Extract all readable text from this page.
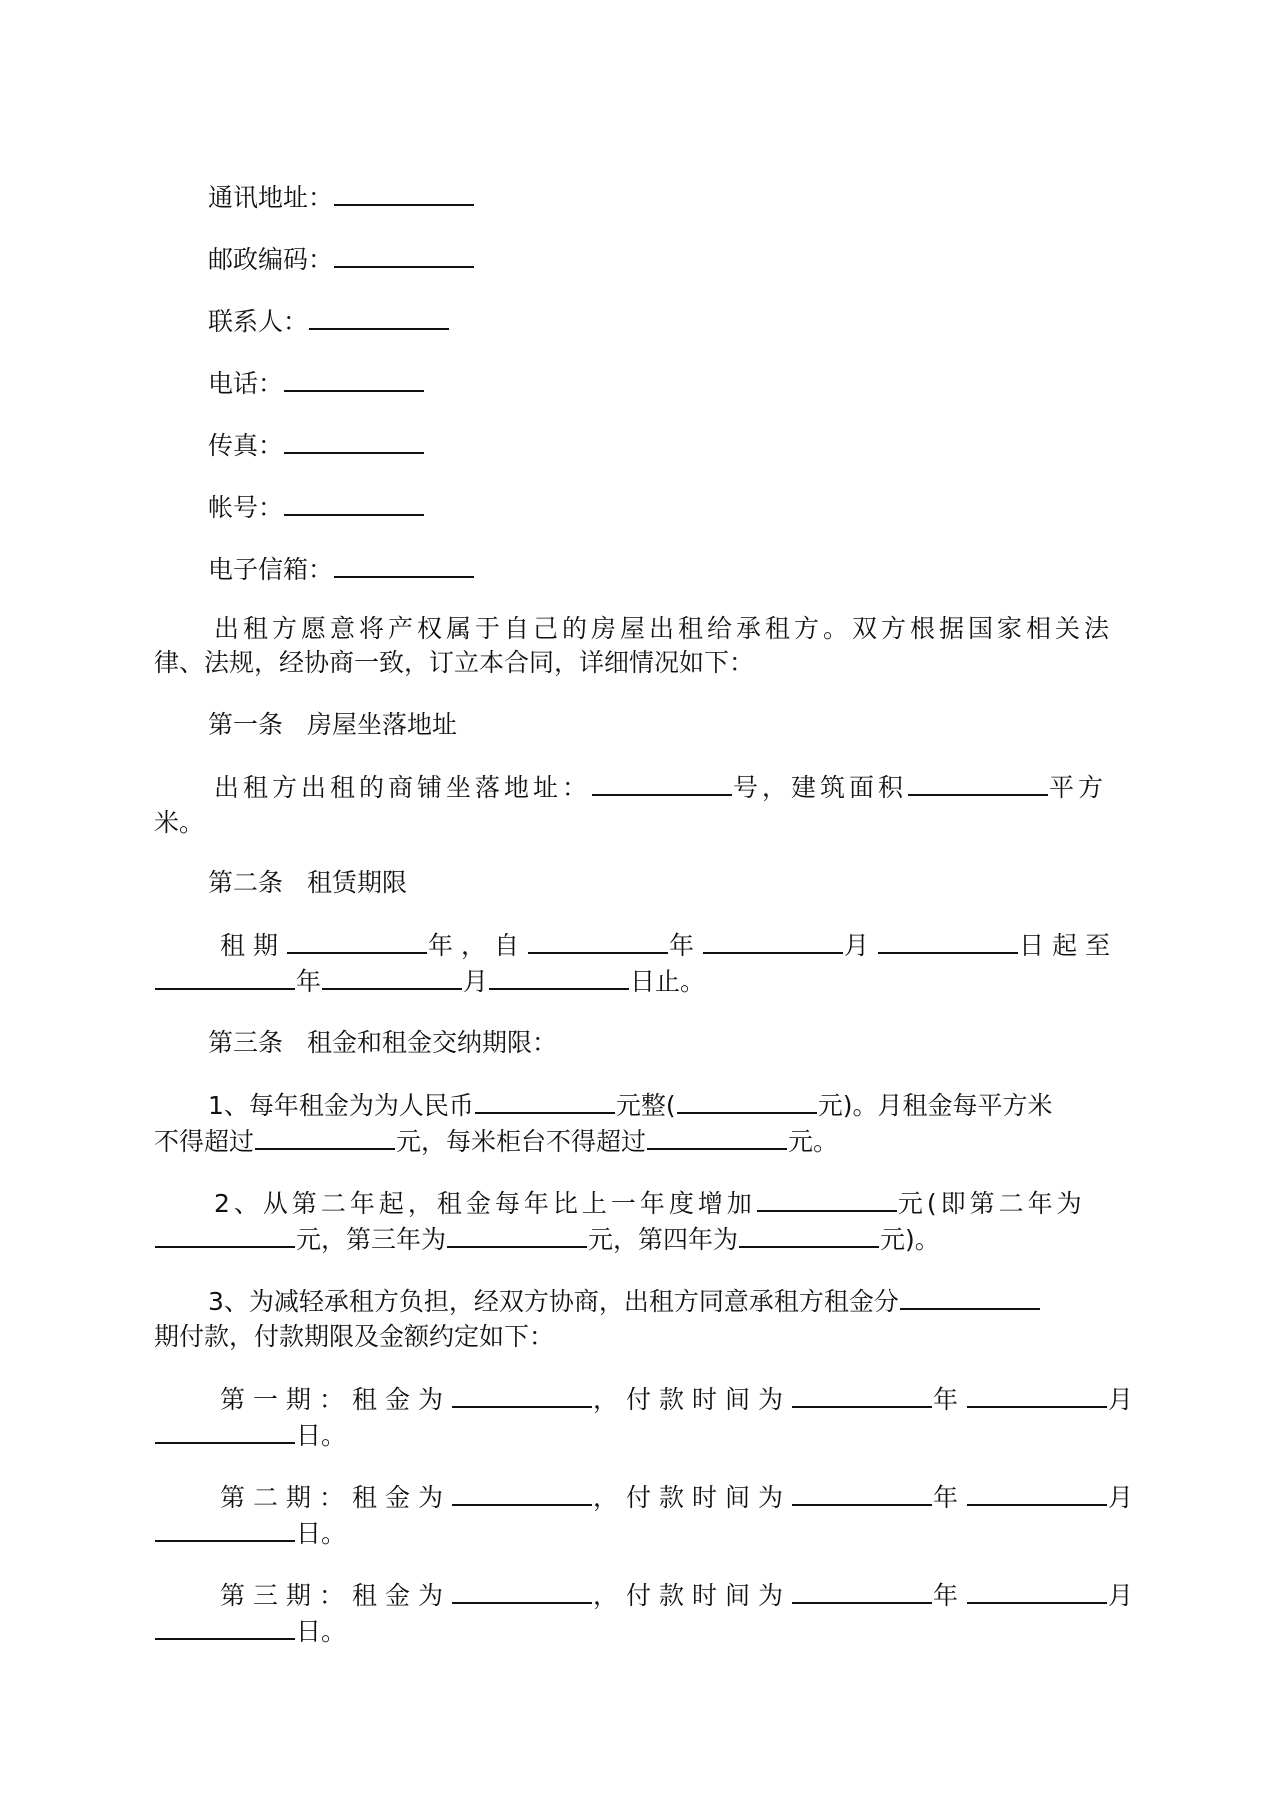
通讯地址：
邮政编码：
联系人：
电话：
传真：
帐号：
电子信箱：
出租方愿意将产权属于自己的房屋出租给承租方。双方根据国家相关法
律、法规，经协商一致，订立本合同，详细情况如下：
第一条 房屋坐落地址
出租方出租的商铺坐落地址：	号，建筑面积	平方
米。
第二条 租赁期限
租期	年，自	年	月	日起至
年	月	日止。
第三条 租金和租金交纳期限：
1、每年租金为为人民币	元整(	元)。月租金每平方米
不得超过	元，每米柜台不得超过	元。
2、从第二年起，租金每年比上一年度增加	元(即第二年为
元，第三年为	元，第四年为	元)。
3、为减轻承租方负担，经双方协商，出租方同意承租方租金分
期付款，付款期限及金额约定如下：
第一期：租金为	，付款时间为	年	月
日。
第二期：租金为	，付款时间为	年	月
日。
第三期：租金为	，付款时间为	年	月
日。
